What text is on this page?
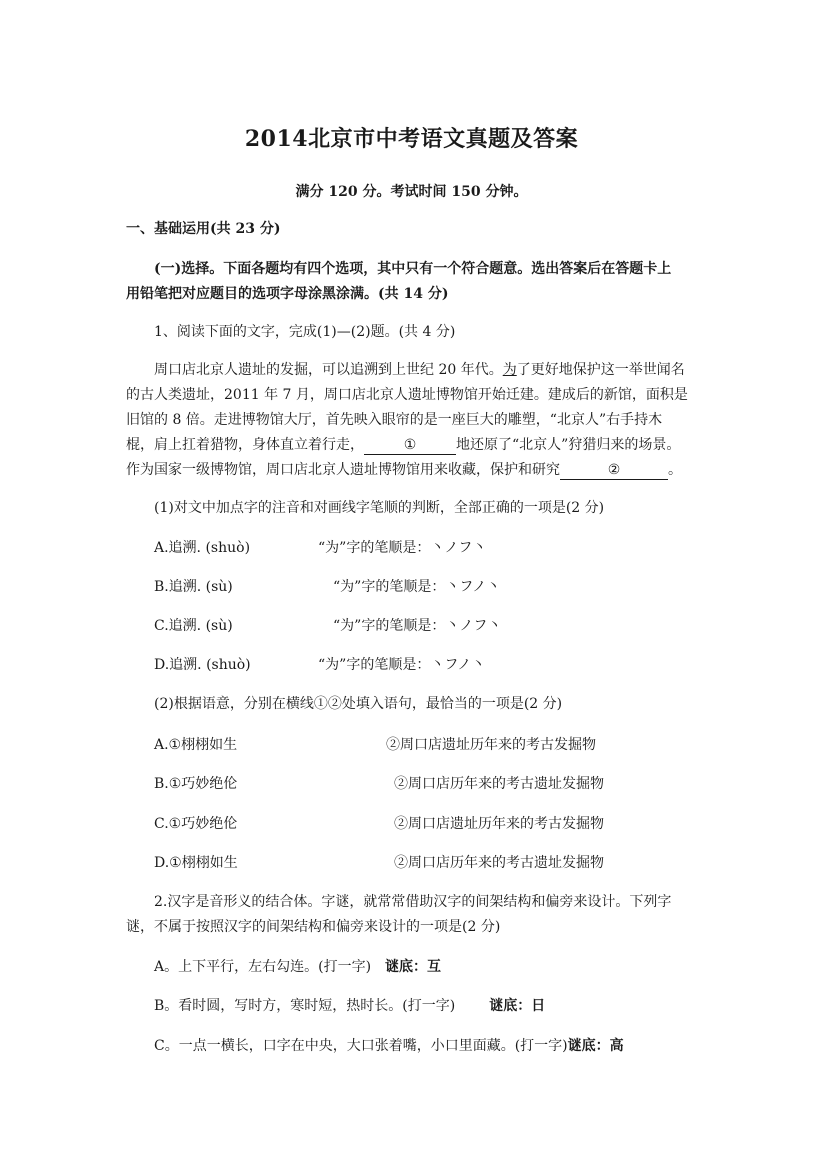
2014北京市中考语文真题及答案
满分 120 分。考试时间 150 分钟。
一、基础运用(共 23 分)
(一)选择。下面各题均有四个选项，其中只有一个符合题意。选出答案后在答题卡上
用铅笔把对应题目的选项字母涂黑涂满。(共 14 分)
1、阅读下面的文字，完成(1)—(2)题。(共 4 分)
周口店北京人遗址的发掘，可以追溯到上世纪 20 年代。为了更好地保护这一举世闻名
的古人类遗址，2011 年 7 月，周口店北京人遗址博物馆开始迁建。建成后的新馆，面积是
旧馆的 8 倍。走进博物馆大厅，首先映入眼帘的是一座巨大的雕塑，“北京人”右手持木
棍，肩上扛着猎物，身体直立着行走，	①	地还原了“北京人”狩猎归来的场景。
作为国家一级博物馆，周口店北京人遗址博物馆用来收藏，保护和研究	②	。
(1)对文中加点字的注音和对画线字笔顺的判断，全部正确的一项是(2 分)
A.追溯. (shuò)	“为”字的笔顺是：丶ノフ丶
B.追溯. (sù)	“为”字的笔顺是：丶フノ丶
C.追溯. (sù)	“为”字的笔顺是：丶ノフ丶
D.追溯. (shuò)	“为”字的笔顺是：丶フノ丶
(2)根据语意，分别在横线①②处填入语句，最恰当的一项是(2 分)
A.①栩栩如生	②周口店遗址历年来的考古发掘物
B.①巧妙绝伦	②周口店历年来的考古遗址发掘物
C.①巧妙绝伦	②周口店遗址历年来的考古发掘物
D.①栩栩如生	②周口店历年来的考古遗址发掘物
2.汉字是音形义的结合体。字谜，就常常借助汉字的间架结构和偏旁来设计。下列字
谜，不属于按照汉字的间架结构和偏旁来设计的一项是(2 分)
A。上下平行，左右勾连。(打一字) 谜底：互
B。看时圆，写时方，寒时短，热时长。(打一字) 谜底：日
C。一点一横长，口字在中央，大口张着嘴，小口里面藏。(打一字)谜底：高
